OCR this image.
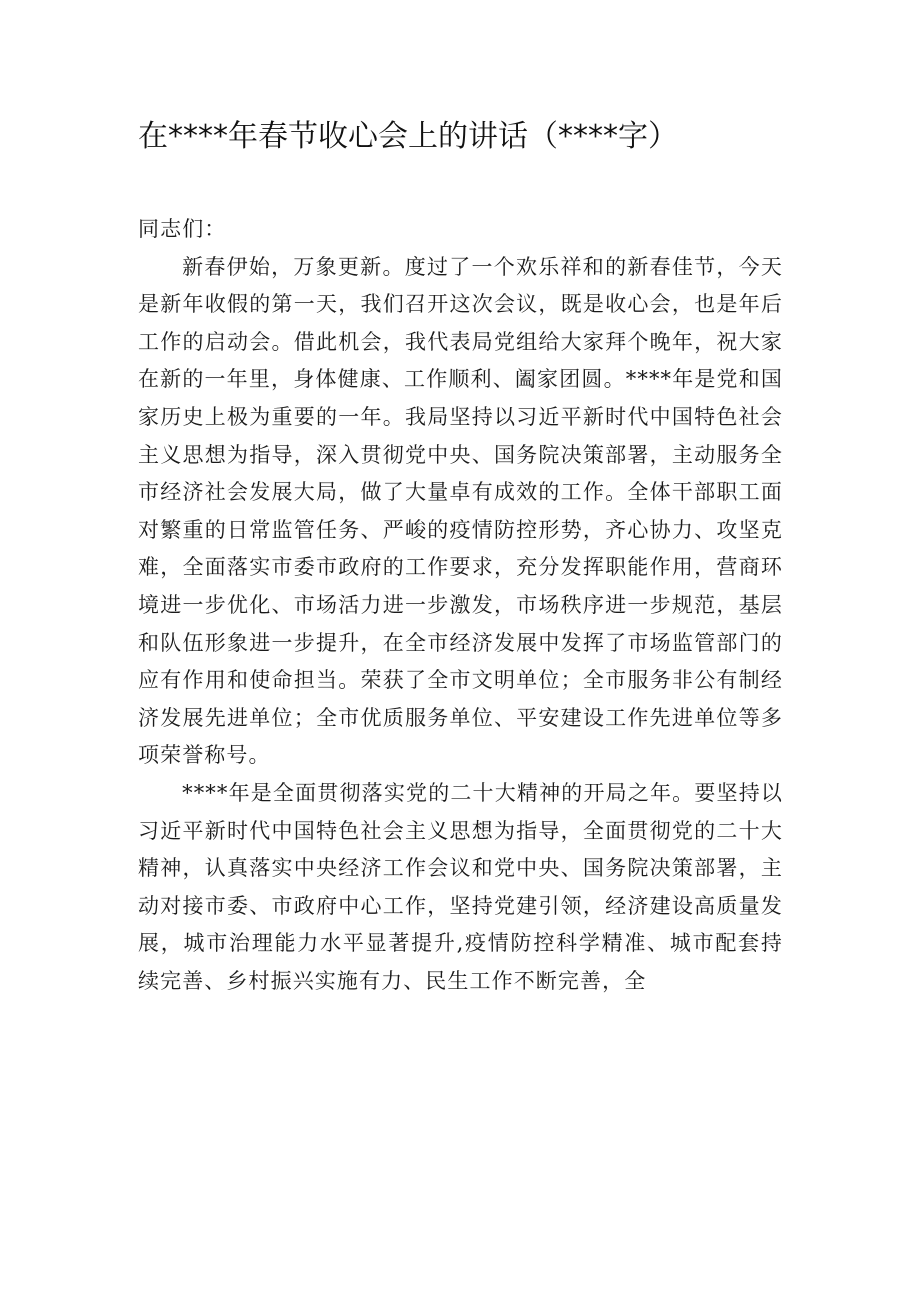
在****年春节收心会上的讲话（****字）

同志们：

新春伊始，万象更新。度过了一个欢乐祥和的新春佳节，今天是新年收假的第一天，我们召开这次会议，既是收心会，也是年后工作的启动会。借此机会，我代表局党组给大家拜个晚年，祝大家在新的一年里，身体健康、工作顺利、阖家团圆。****年是党和国家历史上极为重要的一年。我局坚持以习近平新时代中国特色社会主义思想为指导，深入贯彻党中央、国务院决策部署，主动服务全市经济社会发展大局，做了大量卓有成效的工作。全体干部职工面对繁重的日常监管任务、严峻的疫情防控形势，齐心协力、攻坚克难，全面落实市委市政府的工作要求，充分发挥职能作用，营商环境进一步优化、市场活力进一步激发，市场秩序进一步规范，基层和队伍形象进一步提升，在全市经济发展中发挥了市场监管部门的应有作用和使命担当。荣获了全市文明单位；全市服务非公有制经济发展先进单位；全市优质服务单位、平安建设工作先进单位等多项荣誉称号。

****年是全面贯彻落实党的二十大精神的开局之年。要坚持以习近平新时代中国特色社会主义思想为指导，全面贯彻党的二十大精神，认真落实中央经济工作会议和党中央、国务院决策部署，主动对接市委、市政府中心工作，坚持党建引领，经济建设高质量发展，城市治理能力水平显著提升,疫情防控科学精准、城市配套持续完善、乡村振兴实施有力、民生工作不断完善，全
